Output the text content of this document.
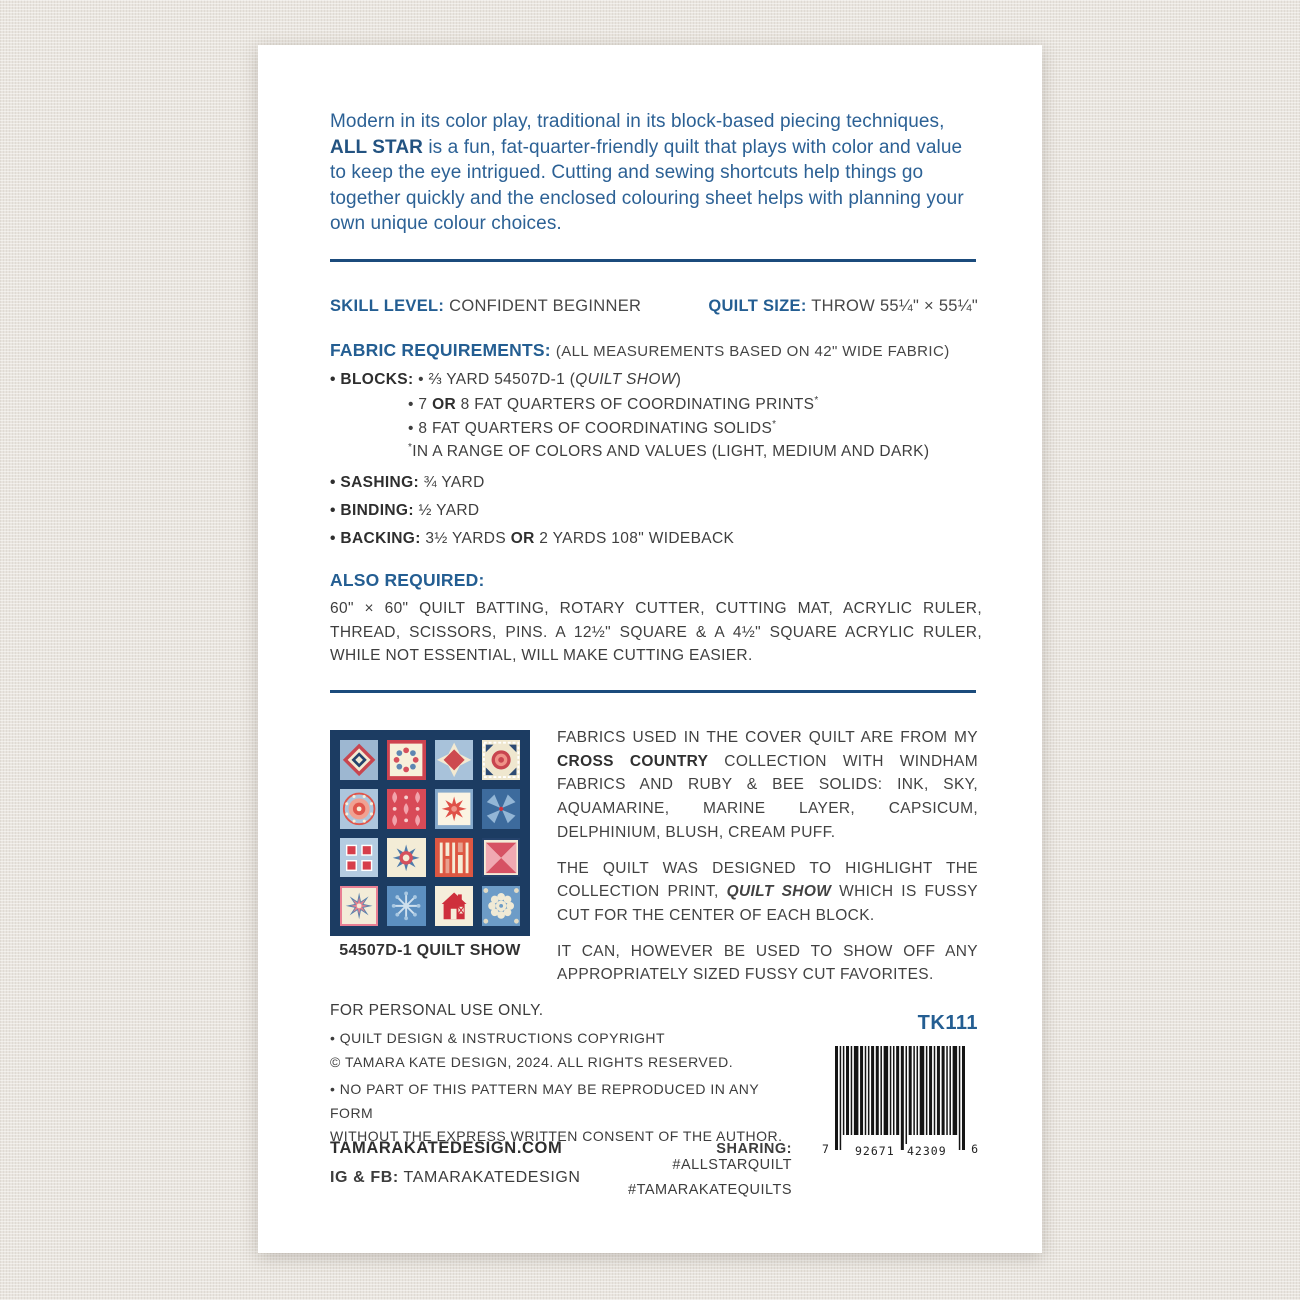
Modern in its color play, traditional in its block-based piecing techniques, ALL STAR is a fun, fat-quarter-friendly quilt that plays with color and value to keep the eye intrigued. Cutting and sewing shortcuts help things go together quickly and the enclosed colouring sheet helps with planning your own unique colour choices.
SKILL LEVEL: CONFIDENT BEGINNER	QUILT SIZE: THROW 55¼" × 55¼"
FABRIC REQUIREMENTS: (ALL MEASUREMENTS BASED ON 42" WIDE FABRIC)
• BLOCKS: • ⅔ YARD 54507D-1 (QUILT SHOW)
• 7 OR 8 FAT QUARTERS OF COORDINATING PRINTS*
• 8 FAT QUARTERS OF COORDINATING SOLIDS*
*IN A RANGE OF COLORS AND VALUES (LIGHT, MEDIUM AND DARK)
• SASHING: ¾ YARD
• BINDING: ½ YARD
• BACKING: 3½ YARDS OR 2 YARDS 108" WIDEBACK
ALSO REQUIRED:
60" × 60" QUILT BATTING, ROTARY CUTTER, CUTTING MAT, ACRYLIC RULER, THREAD, SCISSORS, PINS. A 12½" SQUARE & A 4½" SQUARE ACRYLIC RULER, WHILE NOT ESSENTIAL, WILL MAKE CUTTING EASIER.
54507D-1 QUILT SHOW

FABRICS USED IN THE COVER QUILT ARE FROM MY CROSS COUNTRY COLLECTION WITH WINDHAM FABRICS AND RUBY & BEE SOLIDS: INK, SKY, AQUAMARINE, MARINE LAYER, CAPSICUM, DELPHINIUM, BLUSH, CREAM PUFF.

THE QUILT WAS DESIGNED TO HIGHLIGHT THE COLLECTION PRINT, QUILT SHOW WHICH IS FUSSY CUT FOR THE CENTER OF EACH BLOCK.

IT CAN, HOWEVER BE USED TO SHOW OFF ANY APPROPRIATELY SIZED FUSSY CUT FAVORITES.

FOR PERSONAL USE ONLY.
• QUILT DESIGN & INSTRUCTIONS COPYRIGHT
© TAMARA KATE DESIGN, 2024. ALL RIGHTS RESERVED.
• NO PART OF THIS PATTERN MAY BE REPRODUCED IN ANY FORM
WITHOUT THE EXPRESS WRITTEN CONSENT OF THE AUTHOR.
TK111
7 92671 42309 6
TAMARAKATEDESIGN.COM
IG & FB: TAMARAKATEDESIGN
SHARING: #ALLSTARQUILT
#TAMARAKATEQUILTS
